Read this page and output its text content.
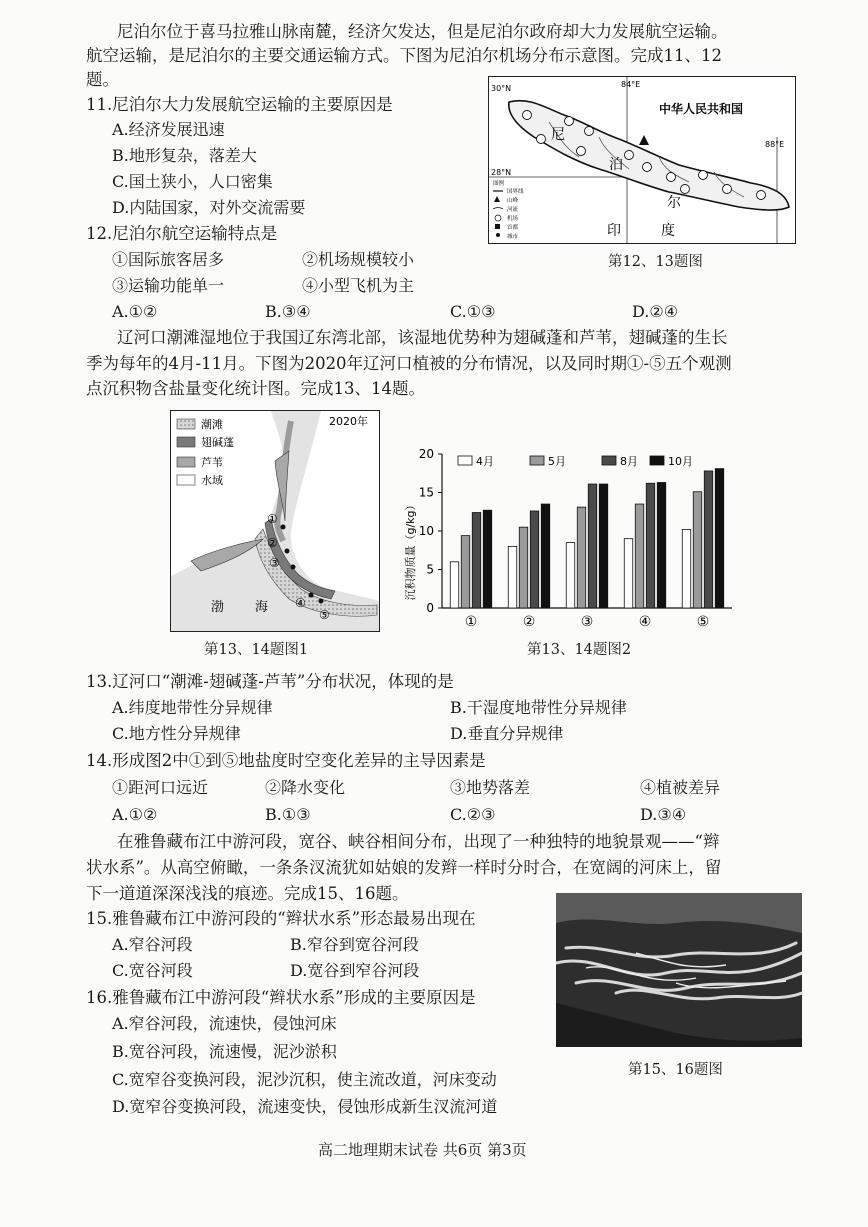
尼泊尔位于喜马拉雅山脉南麓，经济欠发达，但是尼泊尔政府却大力发展航空运输。
航空运输，是尼泊尔的主要交通运输方式。下图为尼泊尔机场分布示意图。完成11、12
题。
11.尼泊尔大力发展航空运输的主要原因是
A.经济发展迅速
B.地形复杂，落差大
C.国土狭小，人口密集
D.内陆国家，对外交流需要
12.尼泊尔航空运输特点是
①国际旅客居多	②机场规模较小
③运输功能单一	④小型飞机为主
A.①②	B.③④	C.①③	D.②④
30°N
28°N
84°E
88°E
中华人民共和国
尼
泊
尔
印	度
图例
国界线
山峰
河流
机场
首都
城市
第12、13题图
辽河口潮滩湿地位于我国辽东湾北部，该湿地优势种为翅碱蓬和芦苇，翅碱蓬的生长
季为每年的4月-11月。下图为2020年辽河口植被的分布情况，以及同时期①-⑤五个观测
点沉积物含盐量变化统计图。完成13、14题。
2020年
潮滩
翅碱蓬
芦苇
水域
①
②
③
④
⑤
渤 海
第13、14题图1
0
5
10
15
20
①	②	③	④	⑤
4月	5月	8月	10月
沉积物质量（g/kg）
第13、14题图2
13.辽河口“潮滩-翅碱蓬-芦苇”分布状况，体现的是
A.纬度地带性分异规律	B.干湿度地带性分异规律
C.地方性分异规律	D.垂直分异规律
14.形成图2中①到⑤地盐度时空变化差异的主导因素是
①距河口远近	②降水变化	③地势落差	④植被差异
A.①②	B.①③	C.②③	D.③④
在雅鲁藏布江中游河段，宽谷、峡谷相间分布，出现了一种独特的地貌景观——“辫
状水系”。从高空俯瞰，一条条汊流犹如姑娘的发辫一样时分时合，在宽阔的河床上，留
下一道道深深浅浅的痕迹。完成15、16题。
15.雅鲁藏布江中游河段的“辫状水系”形态最易出现在
A.窄谷河段	B.窄谷到宽谷河段
C.宽谷河段	D.宽谷到窄谷河段
16.雅鲁藏布江中游河段“辫状水系”形成的主要原因是
A.窄谷河段，流速快，侵蚀河床
B.宽谷河段，流速慢，泥沙淤积
C.宽窄谷变换河段，泥沙沉积，使主流改道，河床变动
D.宽窄谷变换河段，流速变快，侵蚀形成新生汊流河道
第15、16题图
高二地理期末试卷 共6页 第3页
